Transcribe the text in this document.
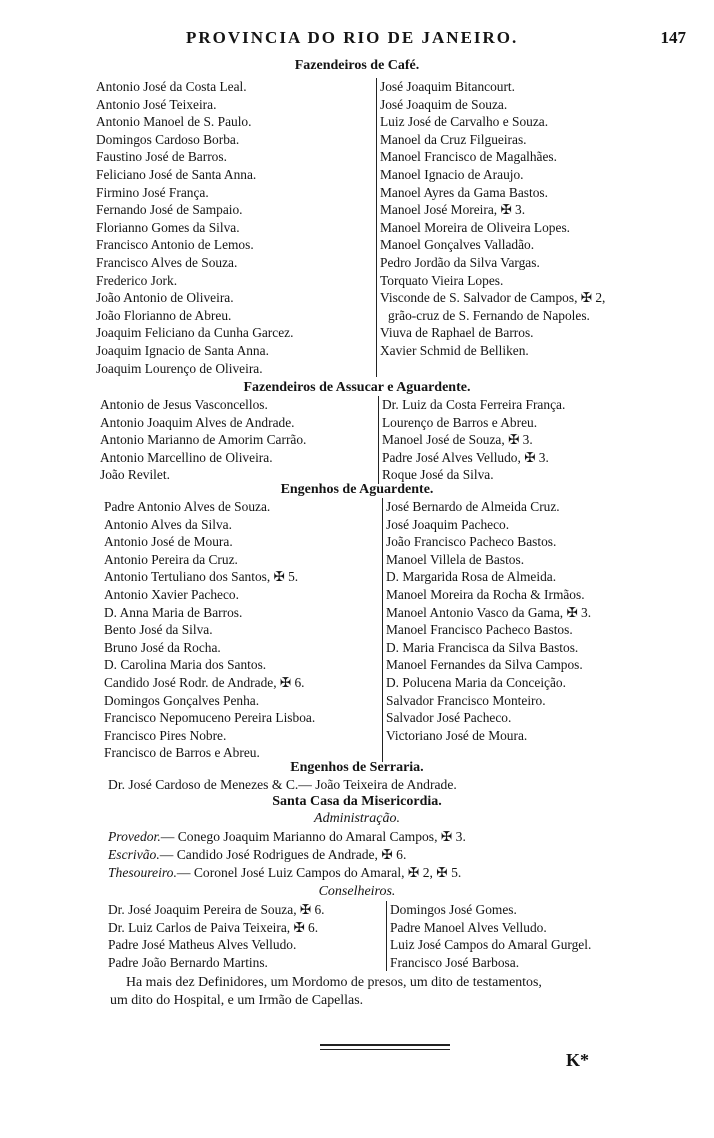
PROVINCIA DO RIO DE JANEIRO.	147
Fazendeiros de Café.
Antonio José da Costa Leal.
Antonio José Teixeira.
Antonio Manoel de S. Paulo.
Domingos Cardoso Borba.
Faustino José de Barros.
Feliciano José de Santa Anna.
Firmino José França.
Fernando José de Sampaio.
Florianno Gomes da Silva.
Francisco Antonio de Lemos.
Francisco Alves de Souza.
Frederico Jork.
João Antonio de Oliveira.
João Florianno de Abreu.
Joaquim Feliciano da Cunha Garcez.
Joaquim Ignacio de Santa Anna.
Joaquim Lourenço de Oliveira.
José Joaquim Bitancourt.
José Joaquim de Souza.
Luiz José de Carvalho e Souza.
Manoel da Cruz Filgueiras.
Manoel Francisco de Magalhães.
Manoel Ignacio de Araujo.
Manoel Ayres da Gama Bastos.
Manoel José Moreira, ✠ 3.
Manoel Moreira de Oliveira Lopes.
Manoel Gonçalves Valladão.
Pedro Jordão da Silva Vargas.
Torquato Vieira Lopes.
Visconde de S. Salvador de Campos, ✠ 2,
grão-cruz de S. Fernando de Napoles.
Viuva de Raphael de Barros.
Xavier Schmid de Belliken.
Fazendeiros de Assucar e Aguardente.
Antonio de Jesus Vasconcellos.
Antonio Joaquim Alves de Andrade.
Antonio Marianno de Amorim Carrão.
Antonio Marcellino de Oliveira.
João Revilet.
Dr. Luiz da Costa Ferreira França.
Lourenço de Barros e Abreu.
Manoel José de Souza, ✠ 3.
Padre José Alves Velludo, ✠ 3.
Roque José da Silva.
Engenhos de Aguardente.
Padre Antonio Alves de Souza.
Antonio Alves da Silva.
Antonio José de Moura.
Antonio Pereira da Cruz.
Antonio Tertuliano dos Santos, ✠ 5.
Antonio Xavier Pacheco.
D. Anna Maria de Barros.
Bento José da Silva.
Bruno José da Rocha.
D. Carolina Maria dos Santos.
Candido José Rodr. de Andrade, ✠ 6.
Domingos Gonçalves Penha.
Francisco Nepomuceno Pereira Lisboa.
Francisco Pires Nobre.
Francisco de Barros e Abreu.
José Bernardo de Almeida Cruz.
José Joaquim Pacheco.
João Francisco Pacheco Bastos.
Manoel Villela de Bastos.
D. Margarida Rosa de Almeida.
Manoel Moreira da Rocha & Irmãos.
Manoel Antonio Vasco da Gama, ✠ 3.
Manoel Francisco Pacheco Bastos.
D. Maria Francisca da Silva Bastos.
Manoel Fernandes da Silva Campos.
D. Polucena Maria da Conceição.
Salvador Francisco Monteiro.
Salvador José Pacheco.
Victoriano José de Moura.
Engenhos de Serraria.
Dr. José Cardoso de Menezes & C.— João Teixeira de Andrade.
Santa Casa da Misericordia.
Administração.
Provedor.— Conego Joaquim Marianno do Amaral Campos, ✠ 3.
Escrivão.— Candido José Rodrigues de Andrade, ✠ 6.
Thesoureiro.— Coronel José Luiz Campos do Amaral, ✠ 2, ✠ 5.
Conselheiros.
Dr. José Joaquim Pereira de Souza, ✠ 6.
Dr. Luiz Carlos de Paiva Teixeira, ✠ 6.
Padre José Matheus Alves Velludo.
Padre João Bernardo Martins.
Domingos José Gomes.
Padre Manoel Alves Velludo.
Luiz José Campos do Amaral Gurgel.
Francisco José Barbosa.
Ha mais dez Definidores, um Mordomo de presos, um dito de testamentos,
um dito do Hospital, e um Irmão de Capellas.
K*
